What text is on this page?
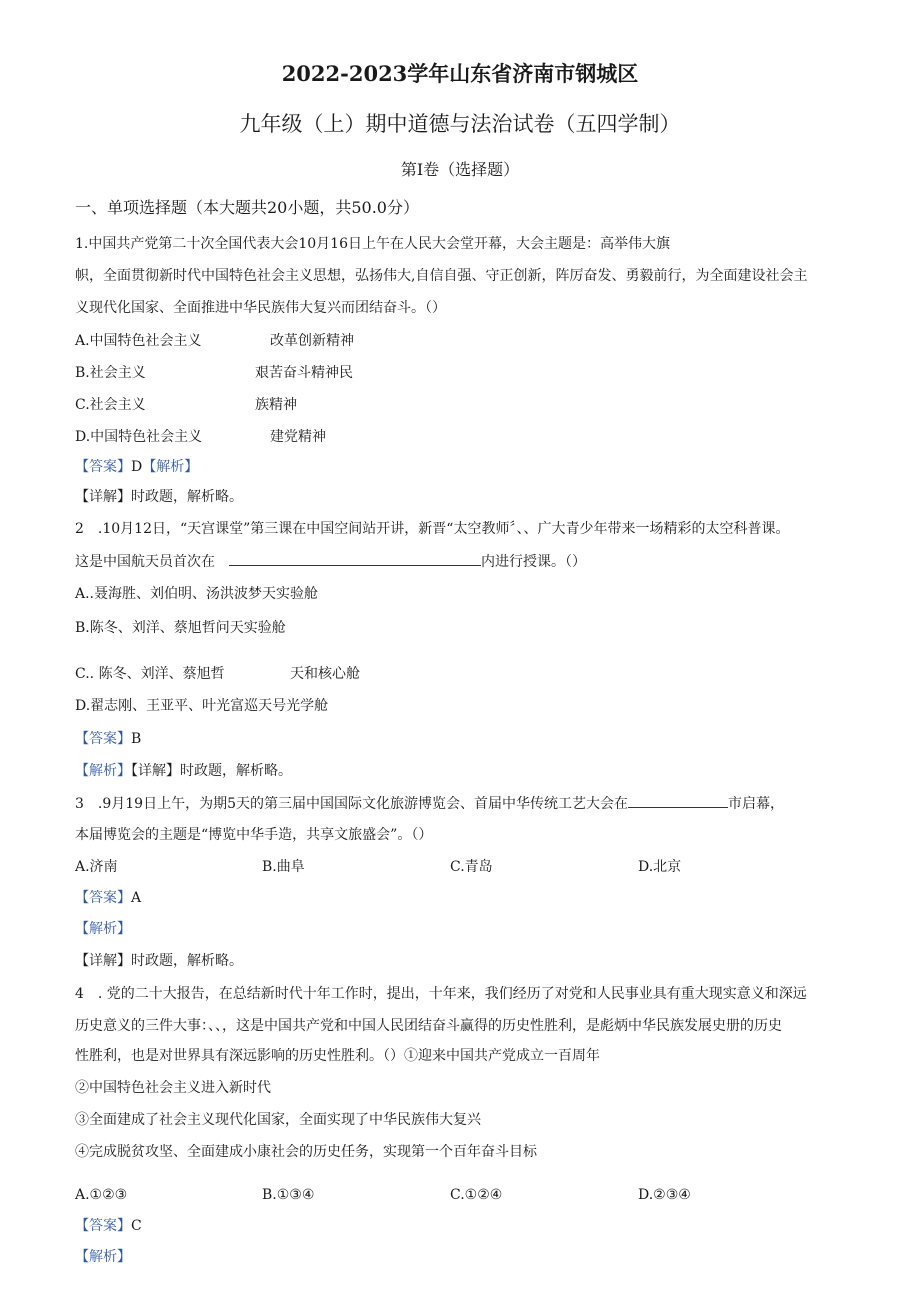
2022-2023学年山东省济南市钢城区
九年级（上）期中道德与法治试卷（五四学制）
第Ⅰ卷（选择题）
一、单项选择题（本大题共20小题，共50.0分）
1.中国共产党第二十次全国代表大会10月16日上午在人民大会堂开幕，大会主题是：高举伟大旗
帜，全面贯彻新时代中国特色社会主义思想，弘扬伟大,自信自强、守正创新，阵厉奋发、勇毅前行，为全面建设社会主
义现代化国家、全面推进中华民族伟大复兴而团结奋斗。（）
A.中国特色社会主义	改革创新精神
B.社会主义	艰苦奋斗精神民
C.社会主义	族精神
D.中国特色社会主义	建党精神
【答案】D【解析】
【详解】时政题，解析略。
2　.10月12日，“天宫课堂”第三课在中国空间站开讲，新晋“太空教师〞、、广大青少年带来一场精彩的太空科普课。
这是中国航天员首次在	内进行授课。（）
A..聂海胜、刘伯明、汤洪波梦天实验舱
B.陈冬、刘洋、蔡旭哲问天实验舱
C.. 陈冬、刘洋、蔡旭哲	天和核心舱
D.翟志刚、王亚平、叶光富巡天号光学舱
【答案】B
【解析】【详解】时政题，解析略。
3　.9月19日上午，为期5天的第三届中国国际文化旅游博览会、首届中华传统工艺大会在	市启幕，
本届博览会的主题是“博览中华手造，共享文旅盛会”。（）
A.济南	B.曲阜	C.青岛	D.北京
【答案】A
【解析】
【详解】时政题，解析略。
4　. 党的二十大报告，在总结新时代十年工作时，提出，十年来，我们经历了对党和人民事业具有重大现实意义和深远
历史意义的三件大事：、、，这是中国共产党和中国人民团结奋斗赢得的历史性胜利，是彪炳中华民族发展史册的历史
性胜利，也是对世界具有深远影响的历史性胜利。（）①迎来中国共产党成立一百周年
②中国特色社会主义进入新时代
③全面建成了社会主义现代化国家，全面实现了中华民族伟大复兴
④完成脱贫攻坚、全面建成小康社会的历史任务，实现第一个百年奋斗目标
A.①②③	B.①③④	C.①②④	D.②③④
【答案】C
【解析】
